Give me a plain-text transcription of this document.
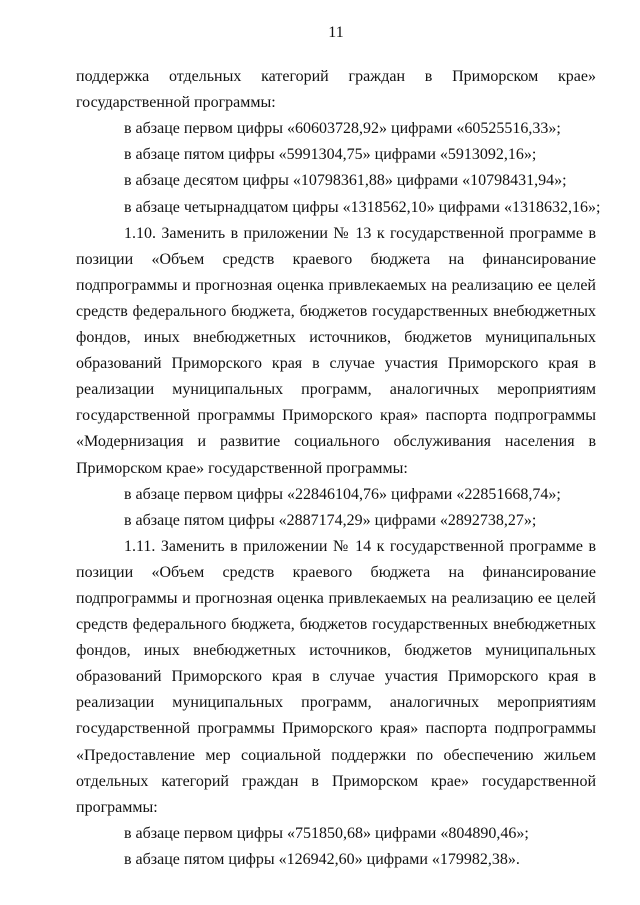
11

поддержка отдельных категорий граждан в Приморском крае» государственной программы:

в абзаце первом цифры «60603728,92» цифрами «60525516,33»;

в абзаце пятом цифры «5991304,75» цифрами «5913092,16»;

в абзаце десятом цифры «10798361,88» цифрами «10798431,94»;

в абзаце четырнадцатом цифры «1318562,10» цифрами «1318632,16»;

1.10. Заменить в приложении № 13 к государственной программе в позиции «Объем средств краевого бюджета на финансирование подпрограммы и прогнозная оценка привлекаемых на реализацию ее целей средств федерального бюджета, бюджетов государственных внебюджетных фондов, иных внебюджетных источников, бюджетов муниципальных образований Приморского края в случае участия Приморского края в реализации муниципальных программ, аналогичных мероприятиям государственной программы Приморского края» паспорта подпрограммы «Модернизация и развитие социального обслуживания населения в Приморском крае» государственной программы:

в абзаце первом цифры «22846104,76» цифрами «22851668,74»;

в абзаце пятом цифры «2887174,29» цифрами «2892738,27»;

1.11. Заменить в приложении № 14 к государственной программе в позиции «Объем средств краевого бюджета на финансирование подпрограммы и прогнозная оценка привлекаемых на реализацию ее целей средств федерального бюджета, бюджетов государственных внебюджетных фондов, иных внебюджетных источников, бюджетов муниципальных образований Приморского края в случае участия Приморского края в реализации муниципальных программ, аналогичных мероприятиям государственной программы Приморского края» паспорта подпрограммы «Предоставление мер социальной поддержки по обеспечению жильем отдельных категорий граждан в Приморском крае» государственной программы:

в абзаце первом цифры «751850,68» цифрами «804890,46»;

в абзаце пятом цифры «126942,60» цифрами «179982,38».
